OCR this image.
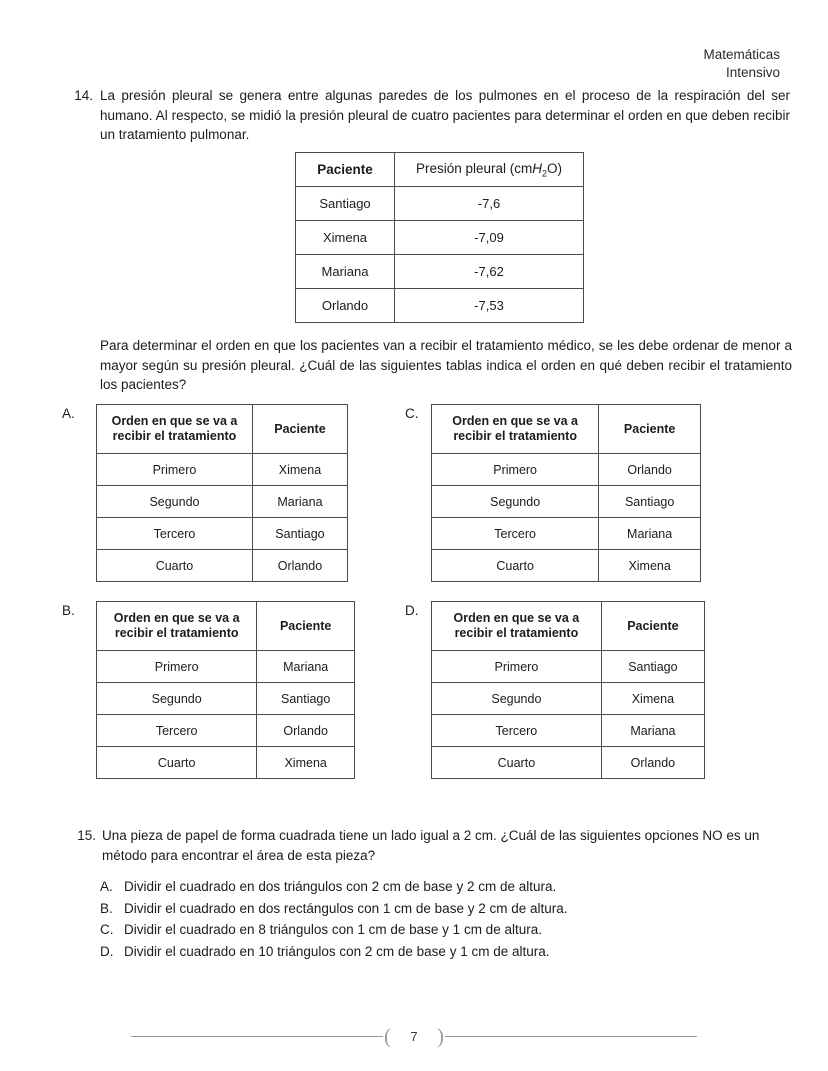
Matemáticas
Intensivo
14. La presión pleural se genera entre algunas paredes de los pulmones en el proceso de la respiración del ser humano. Al respecto, se midió la presión pleural de cuatro pacientes para determinar el orden en que deben recibir un tratamiento pulmonar.
Paciente	Presión pleural (cmH$_2$O)
Santiago	-7,6
Ximena	-7,09
Mariana	-7,62
Orlando	-7,53
Para determinar el orden en que los pacientes van a recibir el tratamiento médico, se les debe ordenar de menor a mayor según su presión pleural. ¿Cuál de las siguientes tablas indica el orden en qué deben recibir el tratamiento los pacientes?
A.	Orden en que se va a recibir el tratamiento	Paciente
Primero	Ximena
Segundo	Mariana
Tercero	Santiago
Cuarto	Orlando
B.	Orden en que se va a recibir el tratamiento	Paciente
Primero	Mariana
Segundo	Santiago
Tercero	Orlando
Cuarto	Ximena
C.	Orden en que se va a recibir el tratamiento	Paciente
Primero	Orlando
Segundo	Santiago
Tercero	Mariana
Cuarto	Ximena
D.	Orden en que se va a recibir el tratamiento	Paciente
Primero	Santiago
Segundo	Ximena
Tercero	Mariana
Cuarto	Orlando
15. Una pieza de papel de forma cuadrada tiene un lado igual a 2 cm. ¿Cuál de las siguientes opciones NO es un método para encontrar el área de esta pieza?
A. Dividir el cuadrado en dos triángulos con 2 cm de base y 2 cm de altura.
B. Dividir el cuadrado en dos rectángulos con 1 cm de base y 2 cm de altura.
C. Dividir el cuadrado en 8 triángulos con 1 cm de base y 1 cm de altura.
D. Dividir el cuadrado en 10 triángulos con 2 cm de base y 1 cm de altura.
(	7 )
